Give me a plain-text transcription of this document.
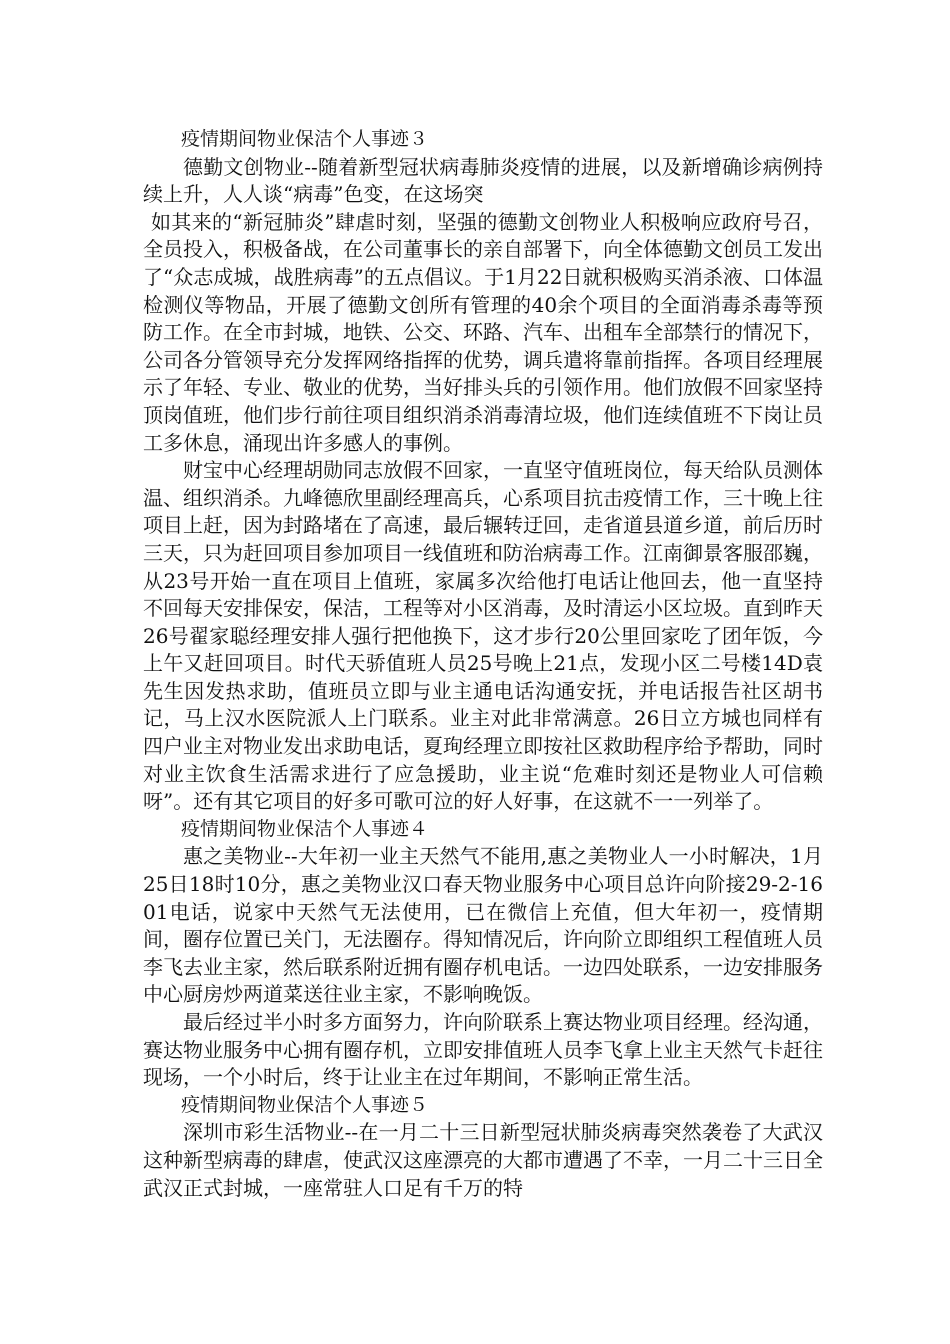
疫情期间物业保洁个人事迹３

德勤文创物业--随着新型冠状病毒肺炎疫情的进展，以及新增确诊病例持续上升，人人谈“病毒”色变，在这场突

如其来的“新冠肺炎”肆虐时刻，坚强的德勤文创物业人积极响应政府号召，全员投入，积极备战，在公司董事长的亲自部署下，向全体德勤文创员工发出了“众志成城，战胜病毒”的五点倡议。于1月22日就积极购买消杀液、口体温检测仪等物品，开展了德勤文创所有管理的40余个项目的全面消毒杀毒等预防工作。在全市封城，地铁、公交、环路、汽车、出租车全部禁行的情况下，公司各分管领导充分发挥网络指挥的优势，调兵遣将靠前指挥。各项目经理展示了年轻、专业、敬业的优势，当好排头兵的引领作用。他们放假不回家坚持顶岗值班，他们步行前往项目组织消杀消毒清垃圾，他们连续值班不下岗让员工多休息，涌现出许多感人的事例。

财宝中心经理胡勋同志放假不回家，一直坚守值班岗位，每天给队员测体温、组织消杀。九峰德欣里副经理高兵，心系项目抗击疫情工作，三十晚上往项目上赶，因为封路堵在了高速，最后辗转迂回，走省道县道乡道，前后历时三天，只为赶回项目参加项目一线值班和防治病毒工作。江南御景客服邵巍，从23号开始一直在项目上值班，家属多次给他打电话让他回去，他一直坚持不回每天安排保安，保洁，工程等对小区消毒，及时清运小区垃圾。直到昨天26号翟家聪经理安排人强行把他换下，这才步行20公里回家吃了团年饭，今上午又赶回项目。时代天骄值班人员25号晚上21点，发现小区二号楼14D袁先生因发热求助，值班员立即与业主通电话沟通安抚，并电话报告社区胡书记，马上汉水医院派人上门联系。业主对此非常满意。26日立方城也同样有四户业主对物业发出求助电话，夏珣经理立即按社区救助程序给予帮助，同时对业主饮食生活需求进行了应急援助，业主说“危难时刻还是物业人可信赖呀”。还有其它项目的好多可歌可泣的好人好事，在这就不一一列举了。

疫情期间物业保洁个人事迹４

惠之美物业--大年初一业主天然气不能用,惠之美物业人一小时解决，1月25日18时10分，惠之美物业汉口春天物业服务中心项目总许向阶接29-2-1601电话，说家中天然气无法使用，已在微信上充值，但大年初一，疫情期间，圈存位置已关门，无法圈存。得知情况后，许向阶立即组织工程值班人员李飞去业主家，然后联系附近拥有圈存机电话。一边四处联系，一边安排服务中心厨房炒两道菜送往业主家，不影响晚饭。

最后经过半小时多方面努力，许向阶联系上赛达物业项目经理。经沟通，赛达物业服务中心拥有圈存机，立即安排值班人员李飞拿上业主天然气卡赶往现场，一个小时后，终于让业主在过年期间，不影响正常生活。

疫情期间物业保洁个人事迹５

深圳市彩生活物业--在一月二十三日新型冠状肺炎病毒突然袭卷了大武汉这种新型病毒的肆虐，使武汉这座漂亮的大都市遭遇了不幸，一月二十三日全武汉正式封城，一座常驻人口足有千万的特
